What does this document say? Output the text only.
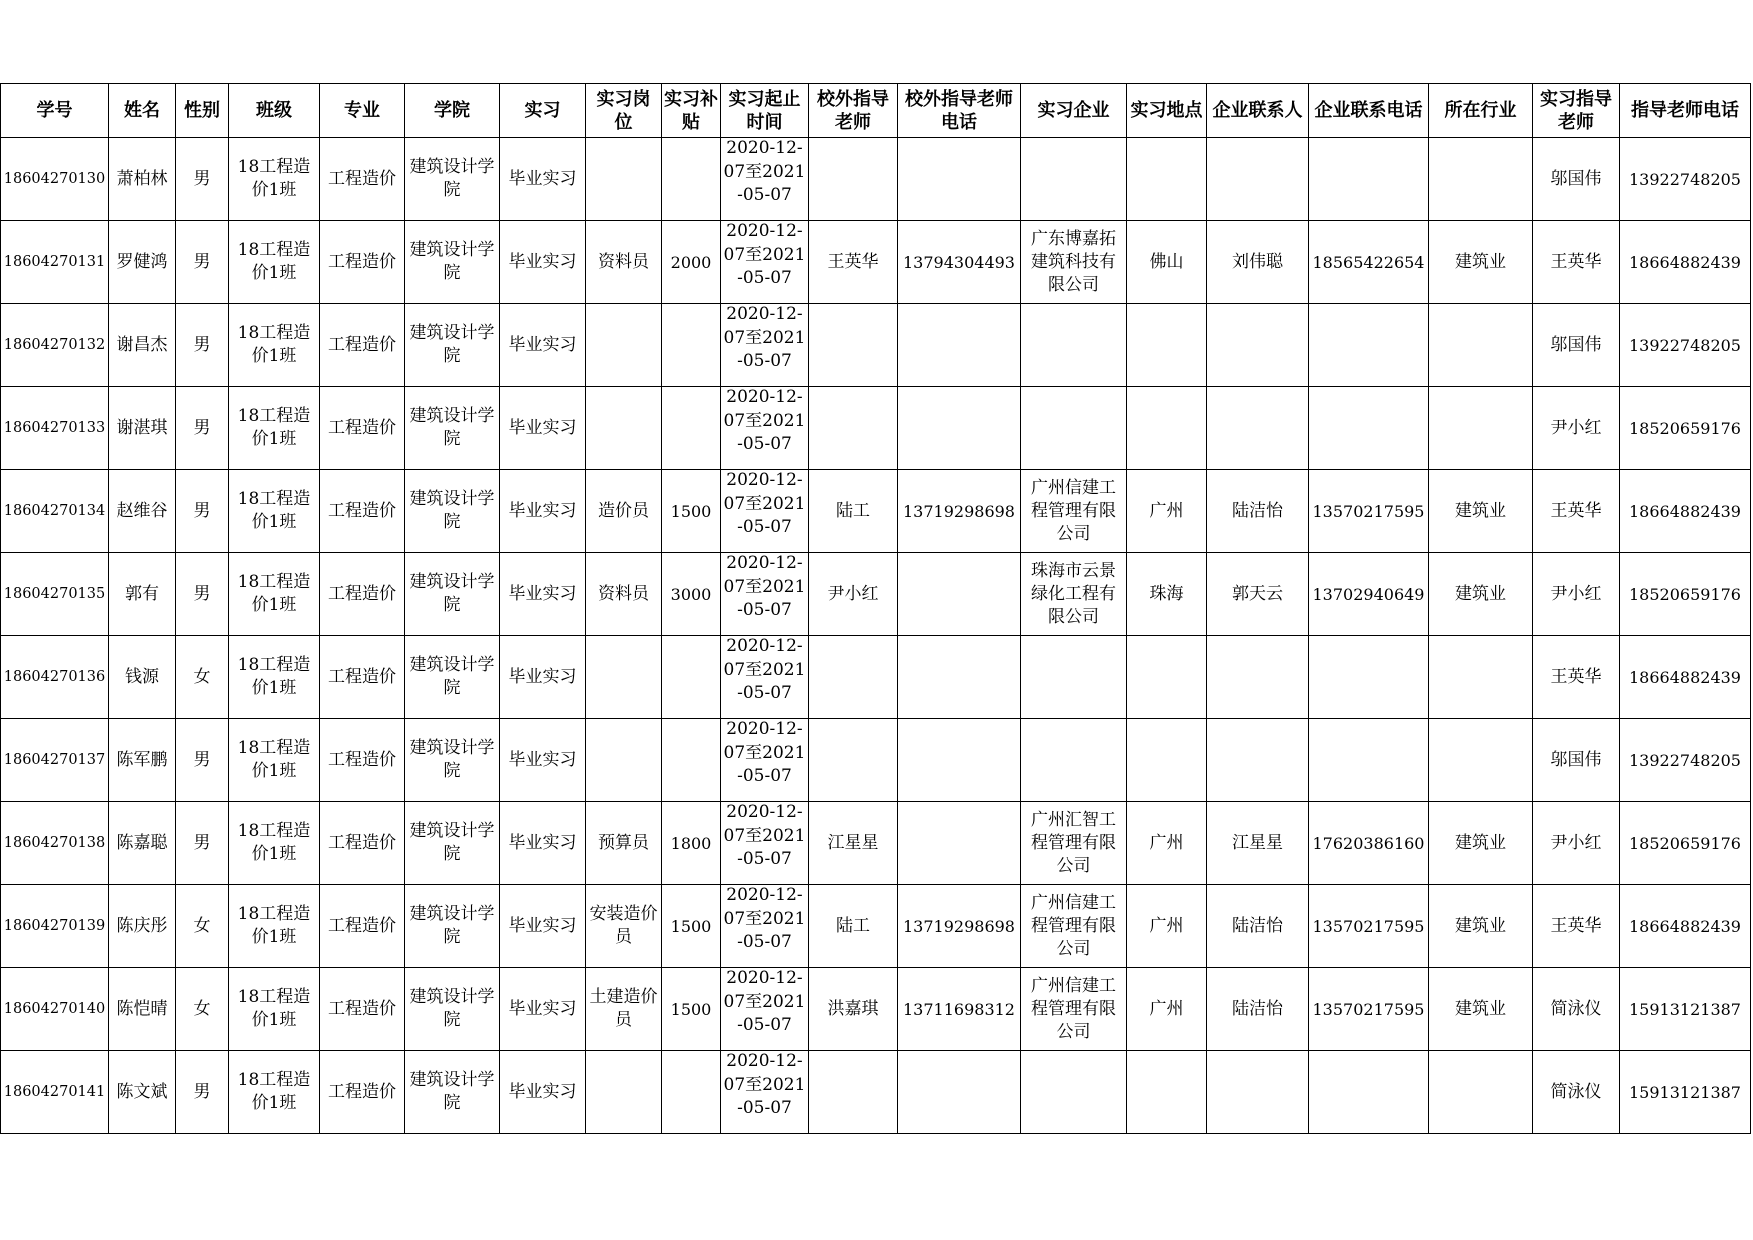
学号	姓名	性别	班级	专业	学院	实习	实习岗位	实习补贴	实习起止时间	校外指导老师	校外指导老师电话	实习企业	实习地点	企业联系人	企业联系电话	所在行业	实习指导老师	指导老师电话
18604270130	萧柏林	男	18工程造价1班	工程造价	建筑设计学院	毕业实习			2020-12-07至2021-05-07								邬国伟	13922748205
18604270131	罗健鸿	男	18工程造价1班	工程造价	建筑设计学院	毕业实习	资料员	2000	2020-12-07至2021-05-07	王英华	13794304493	广东博嘉拓建筑科技有限公司	佛山	刘伟聪	18565422654	建筑业	王英华	18664882439
18604270132	谢昌杰	男	18工程造价1班	工程造价	建筑设计学院	毕业实习			2020-12-07至2021-05-07								邬国伟	13922748205
18604270133	谢湛琪	男	18工程造价1班	工程造价	建筑设计学院	毕业实习			2020-12-07至2021-05-07								尹小红	18520659176
18604270134	赵维谷	男	18工程造价1班	工程造价	建筑设计学院	毕业实习	造价员	1500	2020-12-07至2021-05-07	陆工	13719298698	广州信建工程管理有限公司	广州	陆洁怡	13570217595	建筑业	王英华	18664882439
18604270135	郭有	男	18工程造价1班	工程造价	建筑设计学院	毕业实习	资料员	3000	2020-12-07至2021-05-07	尹小红		珠海市云景绿化工程有限公司	珠海	郭天云	13702940649	建筑业	尹小红	18520659176
18604270136	钱源	女	18工程造价1班	工程造价	建筑设计学院	毕业实习			2020-12-07至2021-05-07								王英华	18664882439
18604270137	陈军鹏	男	18工程造价1班	工程造价	建筑设计学院	毕业实习			2020-12-07至2021-05-07								邬国伟	13922748205
18604270138	陈嘉聪	男	18工程造价1班	工程造价	建筑设计学院	毕业实习	预算员	1800	2020-12-07至2021-05-07	江星星		广州汇智工程管理有限公司	广州	江星星	17620386160	建筑业	尹小红	18520659176
18604270139	陈庆彤	女	18工程造价1班	工程造价	建筑设计学院	毕业实习	安装造价员	1500	2020-12-07至2021-05-07	陆工	13719298698	广州信建工程管理有限公司	广州	陆洁怡	13570217595	建筑业	王英华	18664882439
18604270140	陈恺晴	女	18工程造价1班	工程造价	建筑设计学院	毕业实习	土建造价员	1500	2020-12-07至2021-05-07	洪嘉琪	13711698312	广州信建工程管理有限公司	广州	陆洁怡	13570217595	建筑业	简泳仪	15913121387
18604270141	陈文斌	男	18工程造价1班	工程造价	建筑设计学院	毕业实习			2020-12-07至2021-05-07								简泳仪	15913121387
